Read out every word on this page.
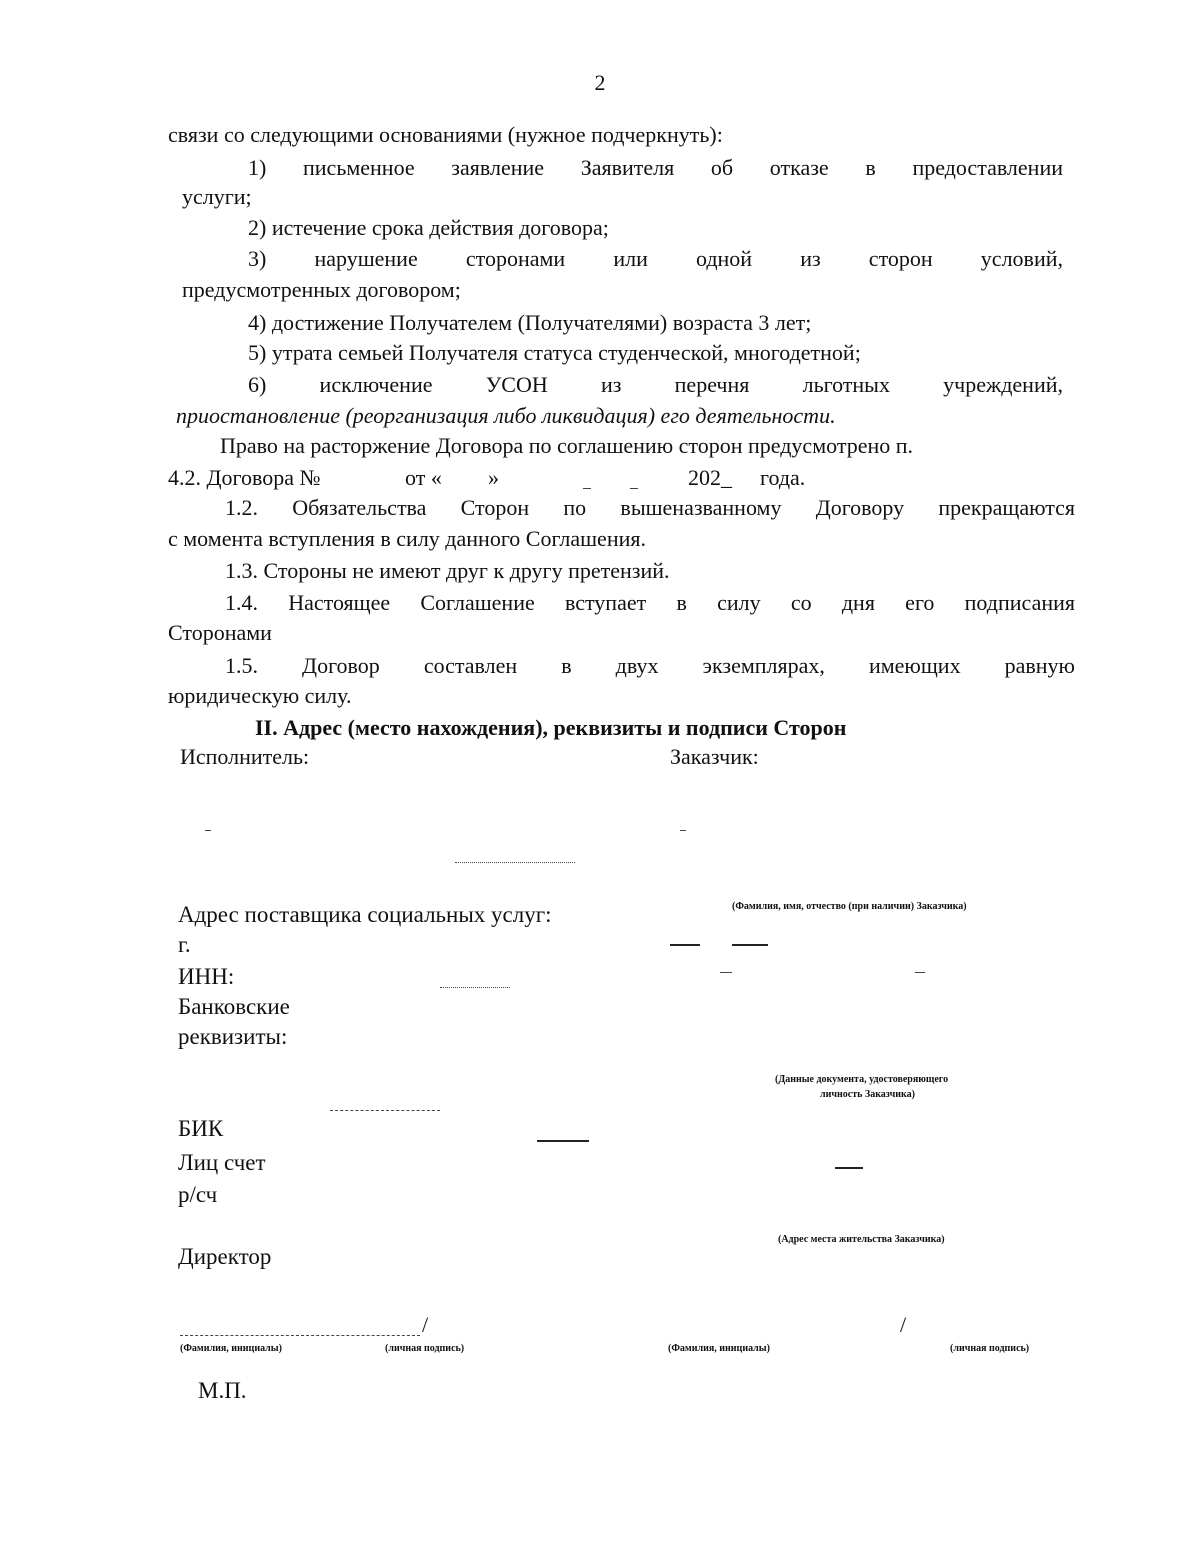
2
связи со следующими основаниями (нужное подчеркнуть):
1) письменное заявление Заявителя об отказе в предоставлении
услуги;
2) истечение срока действия договора;
3) нарушение сторонами или одной из сторон условий,
предусмотренных договором;
4) достижение Получателем (Получателями) возраста 3 лет;
5) утрата семьей Получателя статуса студенческой, многодетной;
6) исключение УСОН из перечня льготных учреждений,
приостановление (реорганизация либо ликвидация) его деятельности.
Право на расторжение Договора по соглашению сторон предусмотрено п.
4.2. Договора №	от « »	202_ года.
1.2. Обязательства Сторон по вышеназванному Договору прекращаются
с момента вступления в силу данного Соглашения.
1.3. Стороны не имеют друг к другу претензий.
1.4. Настоящее Соглашение вступает в силу со дня его подписания
Сторонами
1.5. Договор составлен в двух экземплярах, имеющих равную
юридическую силу.
II. Адрес (место нахождения), реквизиты и подписи Сторон
Исполнитель:	Заказчик:
Адрес поставщика социальных услуг:
г.
ИНН:
Банковские
реквизиты:
БИК
Лиц счет
р/сч
Директор
/
(Фамилия, инициалы)	(личная подпись)
М.П.
(Фамилия, имя, отчество (при наличии) Заказчика)
(Данные документа, удостоверяющего
личность Заказчика)
(Адрес места жительства Заказчика)
/
(Фамилия, инициалы)	(личная подпись)
